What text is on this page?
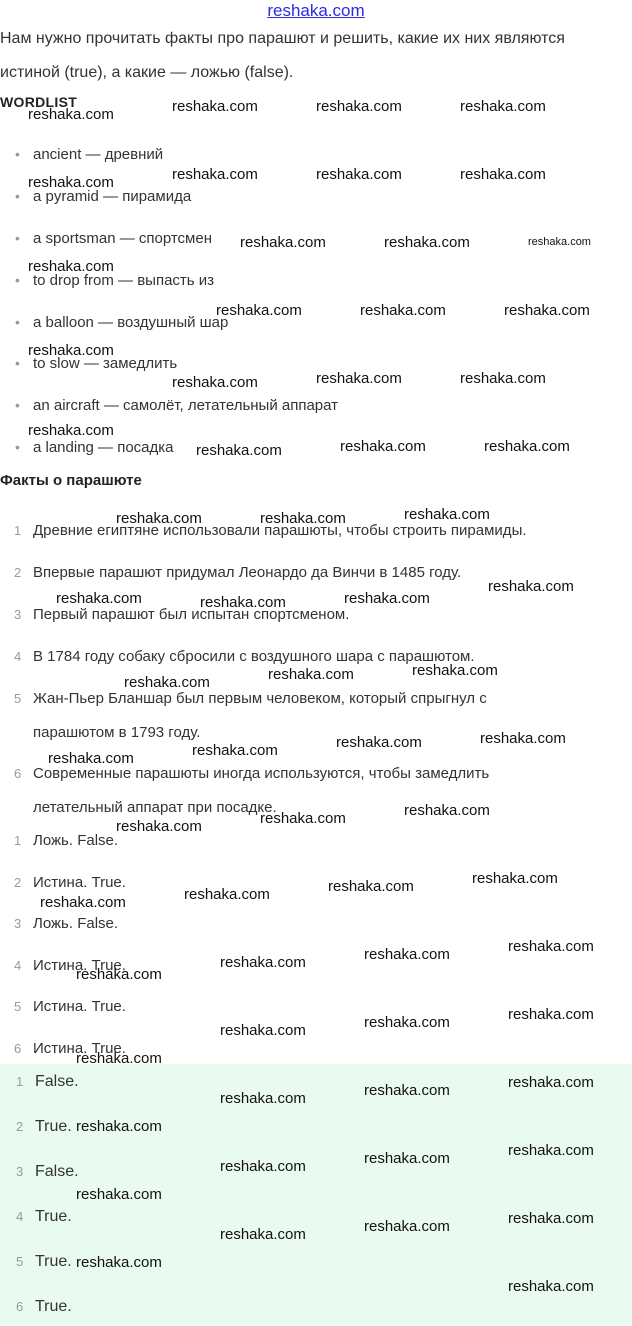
reshaka.com
Нам нужно прочитать факты про парашют и решить, какие их них являются истиной (true), а какие — ложью (false).
WORDLIST
• ancient — древний
• a pyramid — пирамида
• a sportsman — спортсмен
• to drop from — выпасть из
• a balloon — воздушный шар
• to slow — замедлить
• an aircraft — самолёт, летательный аппарат
• a landing — посадка
Факты о парашюте
1 Древние египтяне использовали парашюты, чтобы строить пирамиды.
2 Впервые парашют придумал Леонардо да Винчи в 1485 году.
3 Первый парашют был испытан спортсменом.
4 В 1784 году собаку сбросили с воздушного шара с парашютом.
5 Жан-Пьер Бланшар был первым человеком, который спрыгнул с парашютом в 1793 году.
6 Современные парашюты иногда используются, чтобы замедлить летательный аппарат при посадке.
1 Ложь. False.
2 Истина. True.
3 Ложь. False.
4 Истина. True.
5 Истина. True.
6 Истина. True.
1 False.
2 True.
3 False.
4 True.
5 True.
6 True.
reshaka.com	reshaka.com	reshaka.com	reshaka.com
reshaka.com	reshaka.com	reshaka.com	reshaka.com
reshaka.com	reshaka.com	reshaka.com
reshaka.com
reshaka.com	reshaka.com	reshaka.com
reshaka.com
reshaka.com	reshaka.com	reshaka.com
reshaka.com
reshaka.com	reshaka.com	reshaka.com
reshaka.com	reshaka.com	reshaka.com
reshaka.com
reshaka.com	reshaka.com	reshaka.com
reshaka.com	reshaka.com
reshaka.com
reshaka.com
reshaka.com
reshaka.com
reshaka.com
reshaka.com
reshaka.com
reshaka.com
reshaka.com
reshaka.com
reshaka.com
reshaka.com
reshaka.com
reshaka.com
reshaka.com
reshaka.com
reshaka.com
reshaka.com
reshaka.com
reshaka.com
reshaka.com
reshaka.com
reshaka.com
reshaka.com
reshaka.com
reshaka.com
reshaka.com
reshaka.com
reshaka.com
reshaka.com
reshaka.com
reshaka.com
reshaka.com
